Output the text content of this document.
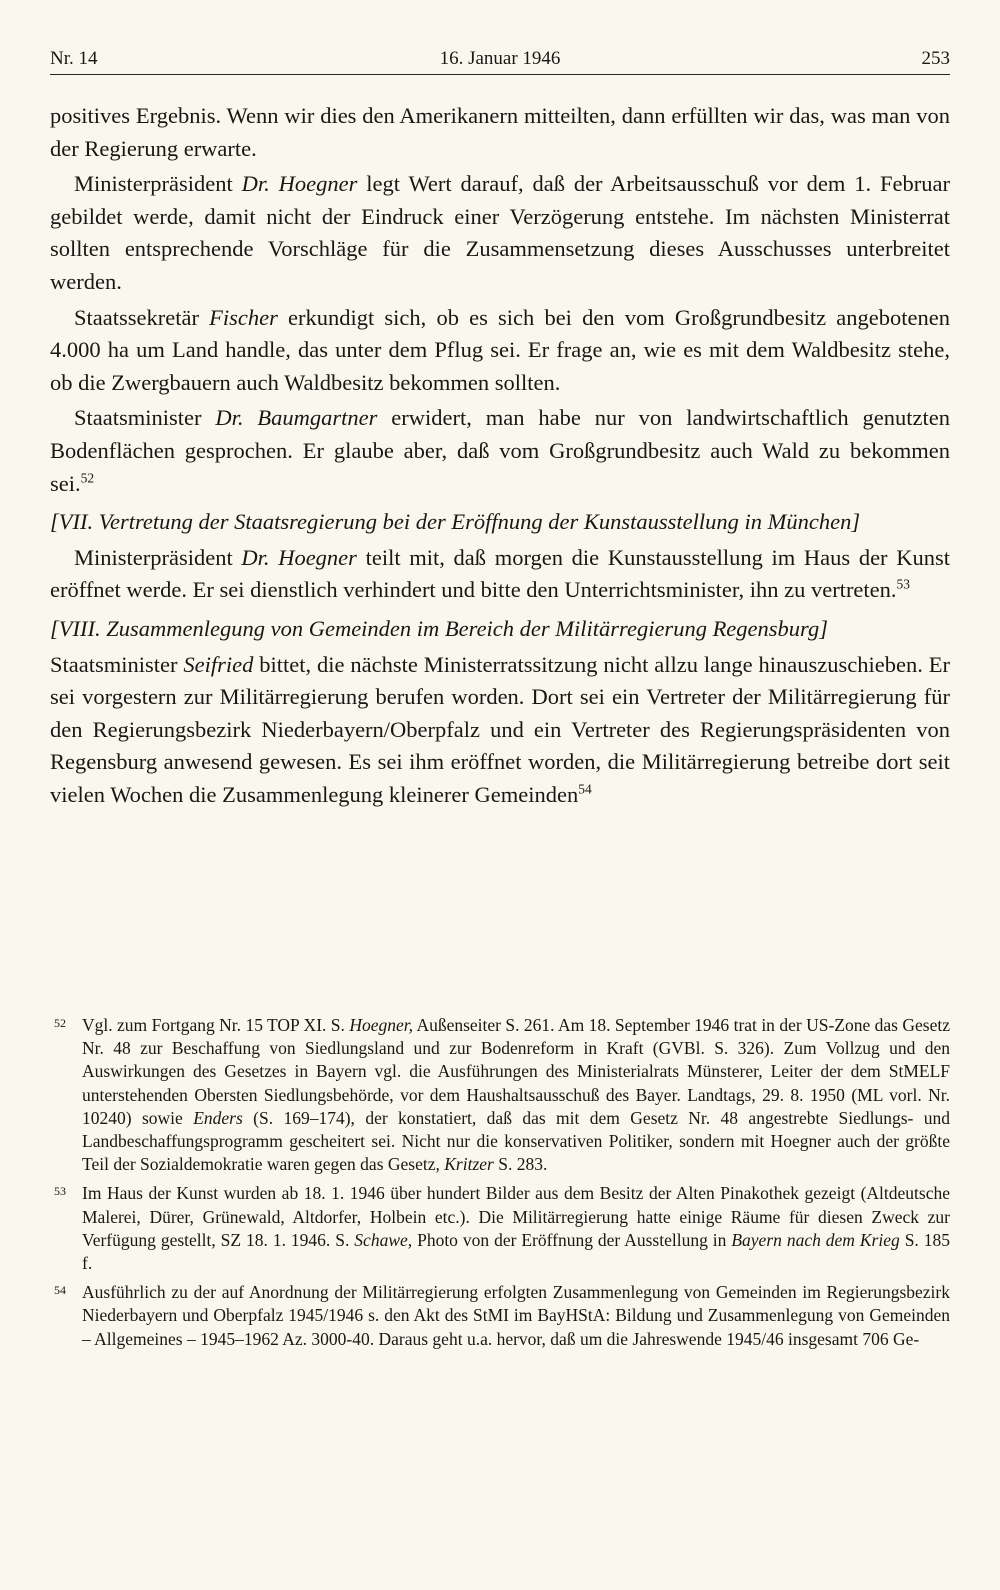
Nr. 14	16. Januar 1946	253

positives Ergebnis. Wenn wir dies den Amerikanern mitteilten, dann erfüllten wir das, was man von der Regierung erwarte.

Ministerpräsident Dr. Hoegner legt Wert darauf, daß der Arbeitsausschuß vor dem 1. Februar gebildet werde, damit nicht der Eindruck einer Verzögerung entstehe. Im nächsten Ministerrat sollten entsprechende Vorschläge für die Zusammensetzung dieses Ausschusses unterbreitet werden.

Staatssekretär Fischer erkundigt sich, ob es sich bei den vom Großgrundbesitz angebotenen 4.000 ha um Land handle, das unter dem Pflug sei. Er frage an, wie es mit dem Waldbesitz stehe, ob die Zwergbauern auch Waldbesitz bekommen sollten.

Staatsminister Dr. Baumgartner erwidert, man habe nur von landwirtschaftlich genutzten Bodenflächen gesprochen. Er glaube aber, daß vom Großgrundbesitz auch Wald zu bekommen sei.$^{52}$

[VII. Vertretung der Staatsregierung bei der Eröffnung der Kunstausstellung in München]

Ministerpräsident Dr. Hoegner teilt mit, daß morgen die Kunstausstellung im Haus der Kunst eröffnet werde. Er sei dienstlich verhindert und bitte den Unterrichtsminister, ihn zu vertreten.$^{53}$

[VIII. Zusammenlegung von Gemeinden im Bereich der Militärregierung Regensburg]

Staatsminister Seifried bittet, die nächste Ministerratssitzung nicht allzu lange hinauszuschieben. Er sei vorgestern zur Militärregierung berufen worden. Dort sei ein Vertreter der Militärregierung für den Regierungsbezirk Niederbayern/Oberpfalz und ein Vertreter des Regierungspräsidenten von Regensburg anwesend gewesen. Es sei ihm eröffnet worden, die Militärregierung betreibe dort seit vielen Wochen die Zusammenlegung kleinerer Gemeinden$^{54}$

52 Vgl. zum Fortgang Nr. 15 TOP XI. S. Hoegner, Außenseiter S. 261. Am 18. September 1946 trat in der US-Zone das Gesetz Nr. 48 zur Beschaffung von Siedlungsland und zur Bodenreform in Kraft (GVBl. S. 326). Zum Vollzug und den Auswirkungen des Gesetzes in Bayern vgl. die Ausführungen des Ministerialrats Münsterer, Leiter der dem StMELF unterstehenden Obersten Siedlungsbehörde, vor dem Haushaltsausschuß des Bayer. Landtags, 29. 8. 1950 (ML vorl. Nr. 10240) sowie Enders (S. 169–174), der konstatiert, daß das mit dem Gesetz Nr. 48 angestrebte Siedlungs- und Landbeschaffungsprogramm gescheitert sei. Nicht nur die konservativen Politiker, sondern mit Hoegner auch der größte Teil der Sozialdemokratie waren gegen das Gesetz, Kritzer S. 283.
53 Im Haus der Kunst wurden ab 18. 1. 1946 über hundert Bilder aus dem Besitz der Alten Pinakothek gezeigt (Altdeutsche Malerei, Dürer, Grünewald, Altdorfer, Holbein etc.). Die Militärregierung hatte einige Räume für diesen Zweck zur Verfügung gestellt, SZ 18. 1. 1946. S. Schawe, Photo von der Eröffnung der Ausstellung in Bayern nach dem Krieg S. 185 f.
54 Ausführlich zu der auf Anordnung der Militärregierung erfolgten Zusammenlegung von Gemeinden im Regierungsbezirk Niederbayern und Oberpfalz 1945/1946 s. den Akt des StMI im BayHStA: Bildung und Zusammenlegung von Gemeinden – Allgemeines – 1945–1962 Az. 3000-40. Daraus geht u.a. hervor, daß um die Jahreswende 1945/46 insgesamt 706 Ge-
